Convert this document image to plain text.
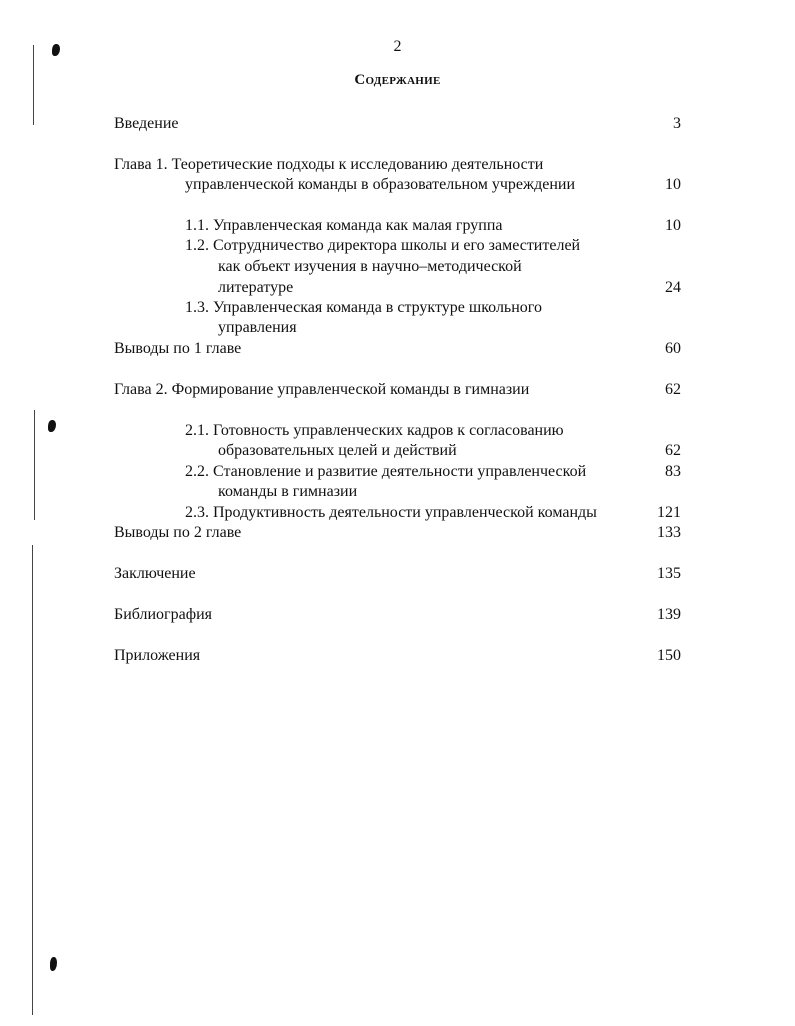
2
Содержание
Введение	3
Глава 1. Теоретические подходы к исследованию деятельности
управленческой команды в образовательном учреждении	10
1.1. Управленческая команда как малая группа	10
1.2. Сотрудничество директора школы и его заместителей
как объект изучения в научно–методической
литературе	24
1.3. Управленческая команда в структуре школьного
управления
Выводы по 1 главе	60
Глава 2. Формирование управленческой команды в гимназии	62
2.1. Готовность управленческих кадров к согласованию
образовательных целей и действий	62
2.2. Становление и развитие деятельности управленческой	83
команды в гимназии
2.3. Продуктивность деятельности управленческой команды	121
Выводы по 2 главе	133
Заключение	135
Библиография	139
Приложения	150
